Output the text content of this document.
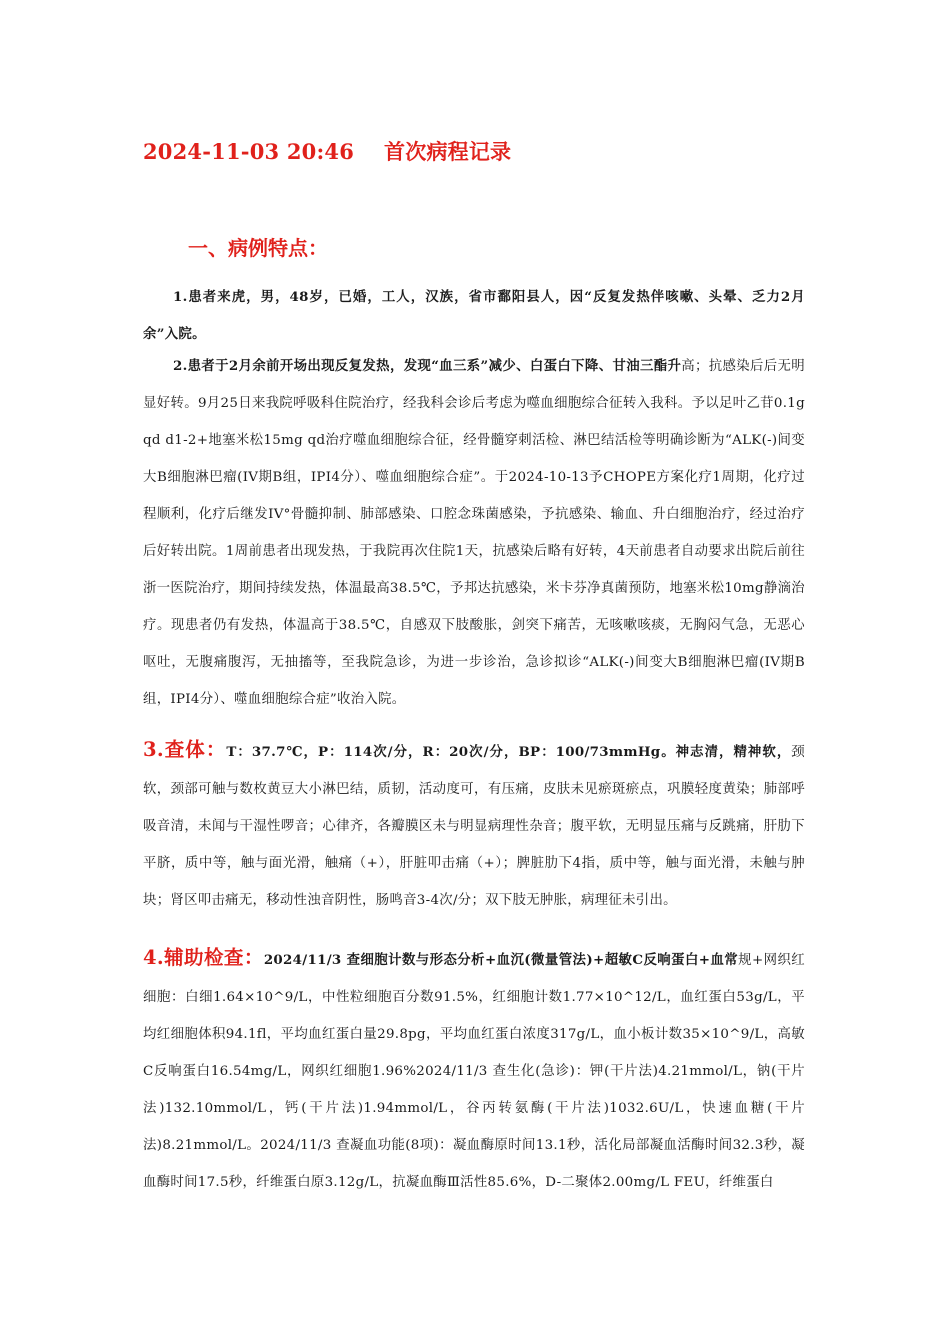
2024-11-03 20:46 首次病程记录
一、病例特点：

1.患者来虎，男，48岁，已婚，工人，汉族，省市鄱阳县人，因“反复发热伴咳嗽、头晕、乏力2月余”入院。

2.患者于2月余前开场出现反复发热，发现“血三系”减少、白蛋白下降、甘油三酯升高；抗感染后后无明显好转。9月25日来我院呼吸科住院治疗，经我科会诊后考虑为噬血细胞综合征转入我科。予以足叶乙苷0.1g qd d1-2+地塞米松15mg qd治疗噬血细胞综合征，经骨髓穿刺活检、淋巴结活检等明确诊断为“ALK(-)间变大B细胞淋巴瘤(IV期B组，IPI4分）、噬血细胞综合症”。于2024-10-13予CHOPE方案化疗1周期，化疗过程顺利，化疗后继发IV°骨髓抑制、肺部感染、口腔念珠菌感染，予抗感染、输血、升白细胞治疗，经过治疗后好转出院。1周前患者出现发热，于我院再次住院1天，抗感染后略有好转，4天前患者自动要求出院后前往浙一医院治疗，期间持续发热，体温最高38.5℃，予邦达抗感染，米卡芬净真菌预防，地塞米松10mg静滴治疗。现患者仍有发热，体温高于38.5℃，自感双下肢酸胀，剑突下痛苦，无咳嗽咳痰，无胸闷气急，无恶心呕吐，无腹痛腹泻，无抽搐等，至我院急诊，为进一步诊治，急诊拟诊“ALK(-)间变大B细胞淋巴瘤(IV期B组，IPI4分）、噬血细胞综合症”收治入院。

3.查体：T：37.7℃，P：114次/分，R：20次/分，BP：100/73mmHg。神志清，精神软，颈软，颈部可触与数枚黄豆大小淋巴结，质韧，活动度可，有压痛，皮肤未见瘀斑瘀点，巩膜轻度黄染；肺部呼吸音清，未闻与干湿性啰音；心律齐，各瓣膜区未与明显病理性杂音；腹平软，无明显压痛与反跳痛，肝肋下平脐，质中等，触与面光滑，触痛（+），肝脏叩击痛（+）；脾脏肋下4指，质中等，触与面光滑，未触与肿块；肾区叩击痛无，移动性浊音阴性，肠鸣音3-4次/分；双下肢无肿胀，病理征未引出。

4.辅助检查：2024/11/3 查细胞计数与形态分析+血沉(微量管法)+超敏C反响蛋白+血常规+网织红细胞：白细1.64×10^9/L，中性粒细胞百分数91.5%，红细胞计数1.77×10^12/L，血红蛋白53g/L，平均红细胞体积94.1fl，平均血红蛋白量29.8pg，平均血红蛋白浓度317g/L，血小板计数35×10^9/L，高敏C反响蛋白16.54mg/L，网织红细胞1.96%2024/11/3 查生化(急诊)：钾(干片法)4.21mmol/L，钠(干片法)132.10mmol/L，钙(干片法)1.94mmol/L，谷丙转氨酶(干片法)1032.6U/L，快速血糖(干片法)8.21mmol/L。2024/11/3 查凝血功能(8项)：凝血酶原时间13.1秒，活化局部凝血活酶时间32.3秒，凝血酶时间17.5秒，纤维蛋白原3.12g/L，抗凝血酶Ⅲ活性85.6%，D-二聚体2.00mg/L FEU，纤维蛋白
